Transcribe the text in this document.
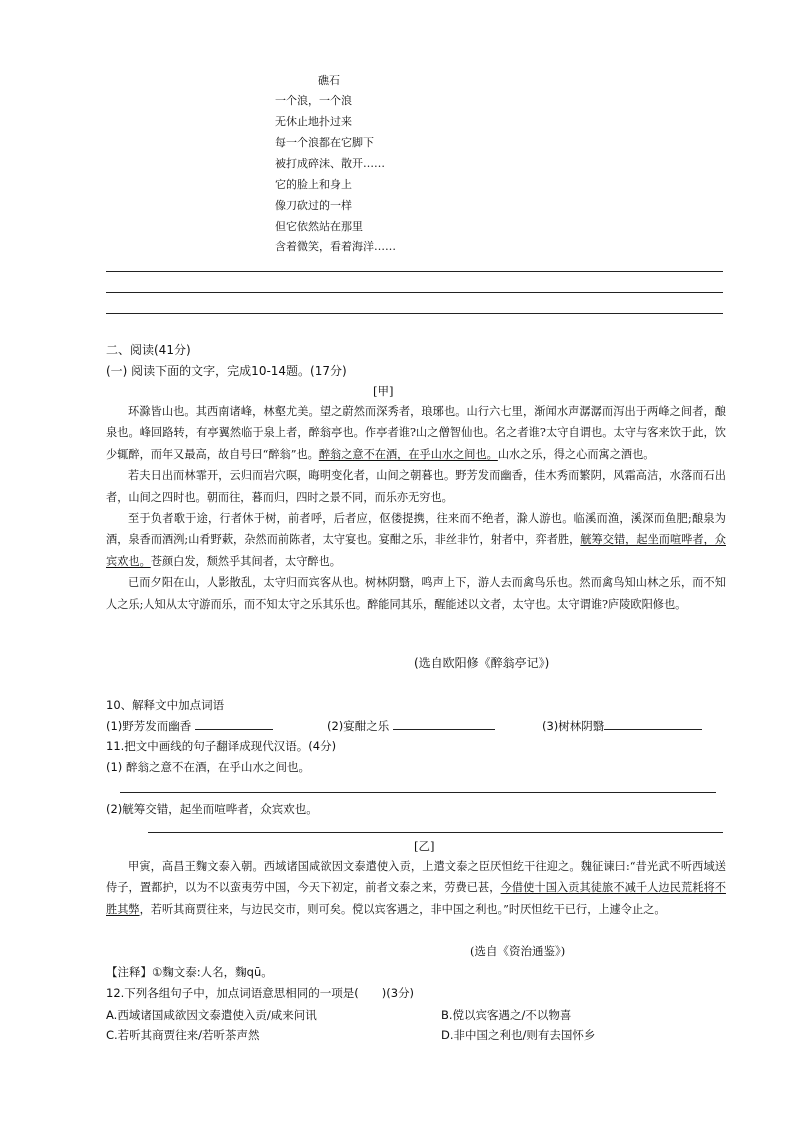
礁石
一个浪，一个浪
无休止地扑过来
每一个浪都在它脚下
被打成碎沫、散开……
它的脸上和身上
像刀砍过的一样
但它依然站在那里
含着微笑，看着海洋……
二、阅读(41分)
(一) 阅读下面的文字，完成10-14题。(17分)
[甲]

环滁皆山也。其西南诸峰，林壑尤美。望之蔚然而深秀者，琅琊也。山行六七里，渐闻水声潺潺而泻出于两峰之间者，酿泉也。峰回路转，有亭翼然临于泉上者，醉翁亭也。作亭者谁?山之僧智仙也。名之者谁?太守自谓也。太守与客来饮于此，饮少辄醉，而年又最高，故自号曰“醉翁”也。醉翁之意不在酒，在乎山水之间也。山水之乐，得之心而寓之酒也。

若夫日出而林霏开，云归而岩穴暝，晦明变化者，山间之朝暮也。野芳发而幽香，佳木秀而繁阴，风霜高洁，水落而石出者，山间之四时也。朝而往，暮而归，四时之景不同，而乐亦无穷也。

至于负者歌于途，行者休于树，前者呼，后者应，伛偻提携，往来而不绝者，滁人游也。临溪而渔，溪深而鱼肥;酿泉为酒，泉香而酒洌;山肴野蔌，杂然而前陈者，太守宴也。宴酣之乐，非丝非竹，射者中，弈者胜，觥筹交错，起坐而喧哗者，众宾欢也。苍颜白发，颓然乎其间者，太守醉也。

已而夕阳在山，人影散乱，太守归而宾客从也。树林阴翳，鸣声上下，游人去而禽鸟乐也。然而禽鸟知山林之乐，而不知人之乐;人知从太守游而乐，而不知太守之乐其乐也。醉能同其乐，醒能述以文者，太守也。太守谓谁?庐陵欧阳修也。

(选自欧阳修《醉翁亭记》)
10、解释文中加点词语
(1)野芳发而幽香	(2)宴酣之乐	(3)树林阴翳
11.把文中画线的句子翻译成现代汉语。(4分)
(1) 醉翁之意不在酒，在乎山水之间也。
(2)觥筹交错，起坐而喧哗者，众宾欢也。
[乙]

甲寅，高昌王麴文泰入朝。西域诸国咸欲因文泰遣使入贡，上遣文泰之臣厌怛纥干往迎之。魏征谏曰:“昔光武不听西域送侍子，置都护，以为不以蛮夷劳中国，今天下初定，前者文泰之来，劳费已甚，今借使十国入贡其徒旅不减千人边民荒耗将不胜其弊，若听其商贾往来，与边民交市，则可矣。傥以宾客遇之，非中国之利也。”时厌怛纥干已行，上遽令止之。

(选自《资治通鉴》)
【注释】①麴文泰:人名，麴qū。
12.下列各组句子中，加点词语意思相同的一项是(　　)(3分)
A.西域诸国咸欲因文泰遣使入贡/咸来问讯	B.傥以宾客遇之/不以物喜
C.若听其商贾往来/若听茶声然	D.非中国之利也/则有去国怀乡
